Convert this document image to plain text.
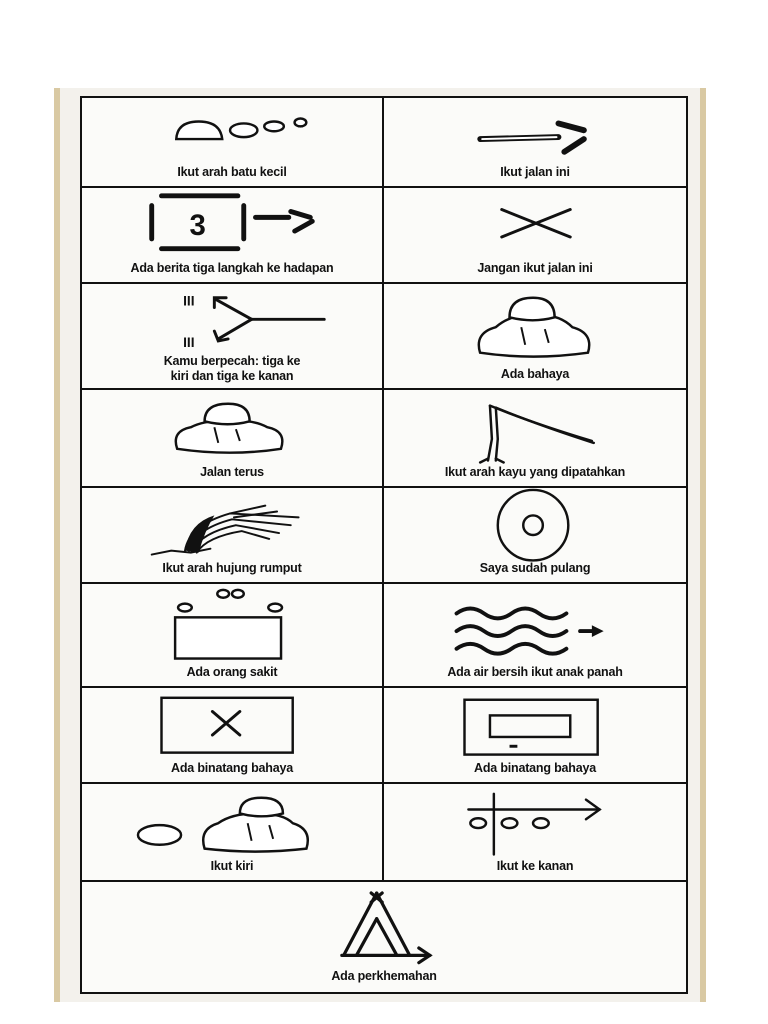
Ikut arah batu kecil	Ikut jalan ini
3
Ada berita tiga langkah ke hadapan	Jangan ikut jalan ini
III
III
Kamu berpecah: tiga ke kiri dan tiga ke kanan	Ada bahaya
Jalan terus	Ikut arah kayu yang dipatahkan
Ikut arah hujung rumput	Saya sudah pulang
Ada orang sakit	Ada air bersih ikut anak panah
Ada binatang bahaya	Ada binatang bahaya
Ikut kiri	Ikut ke kanan
Ada perkhemahan
